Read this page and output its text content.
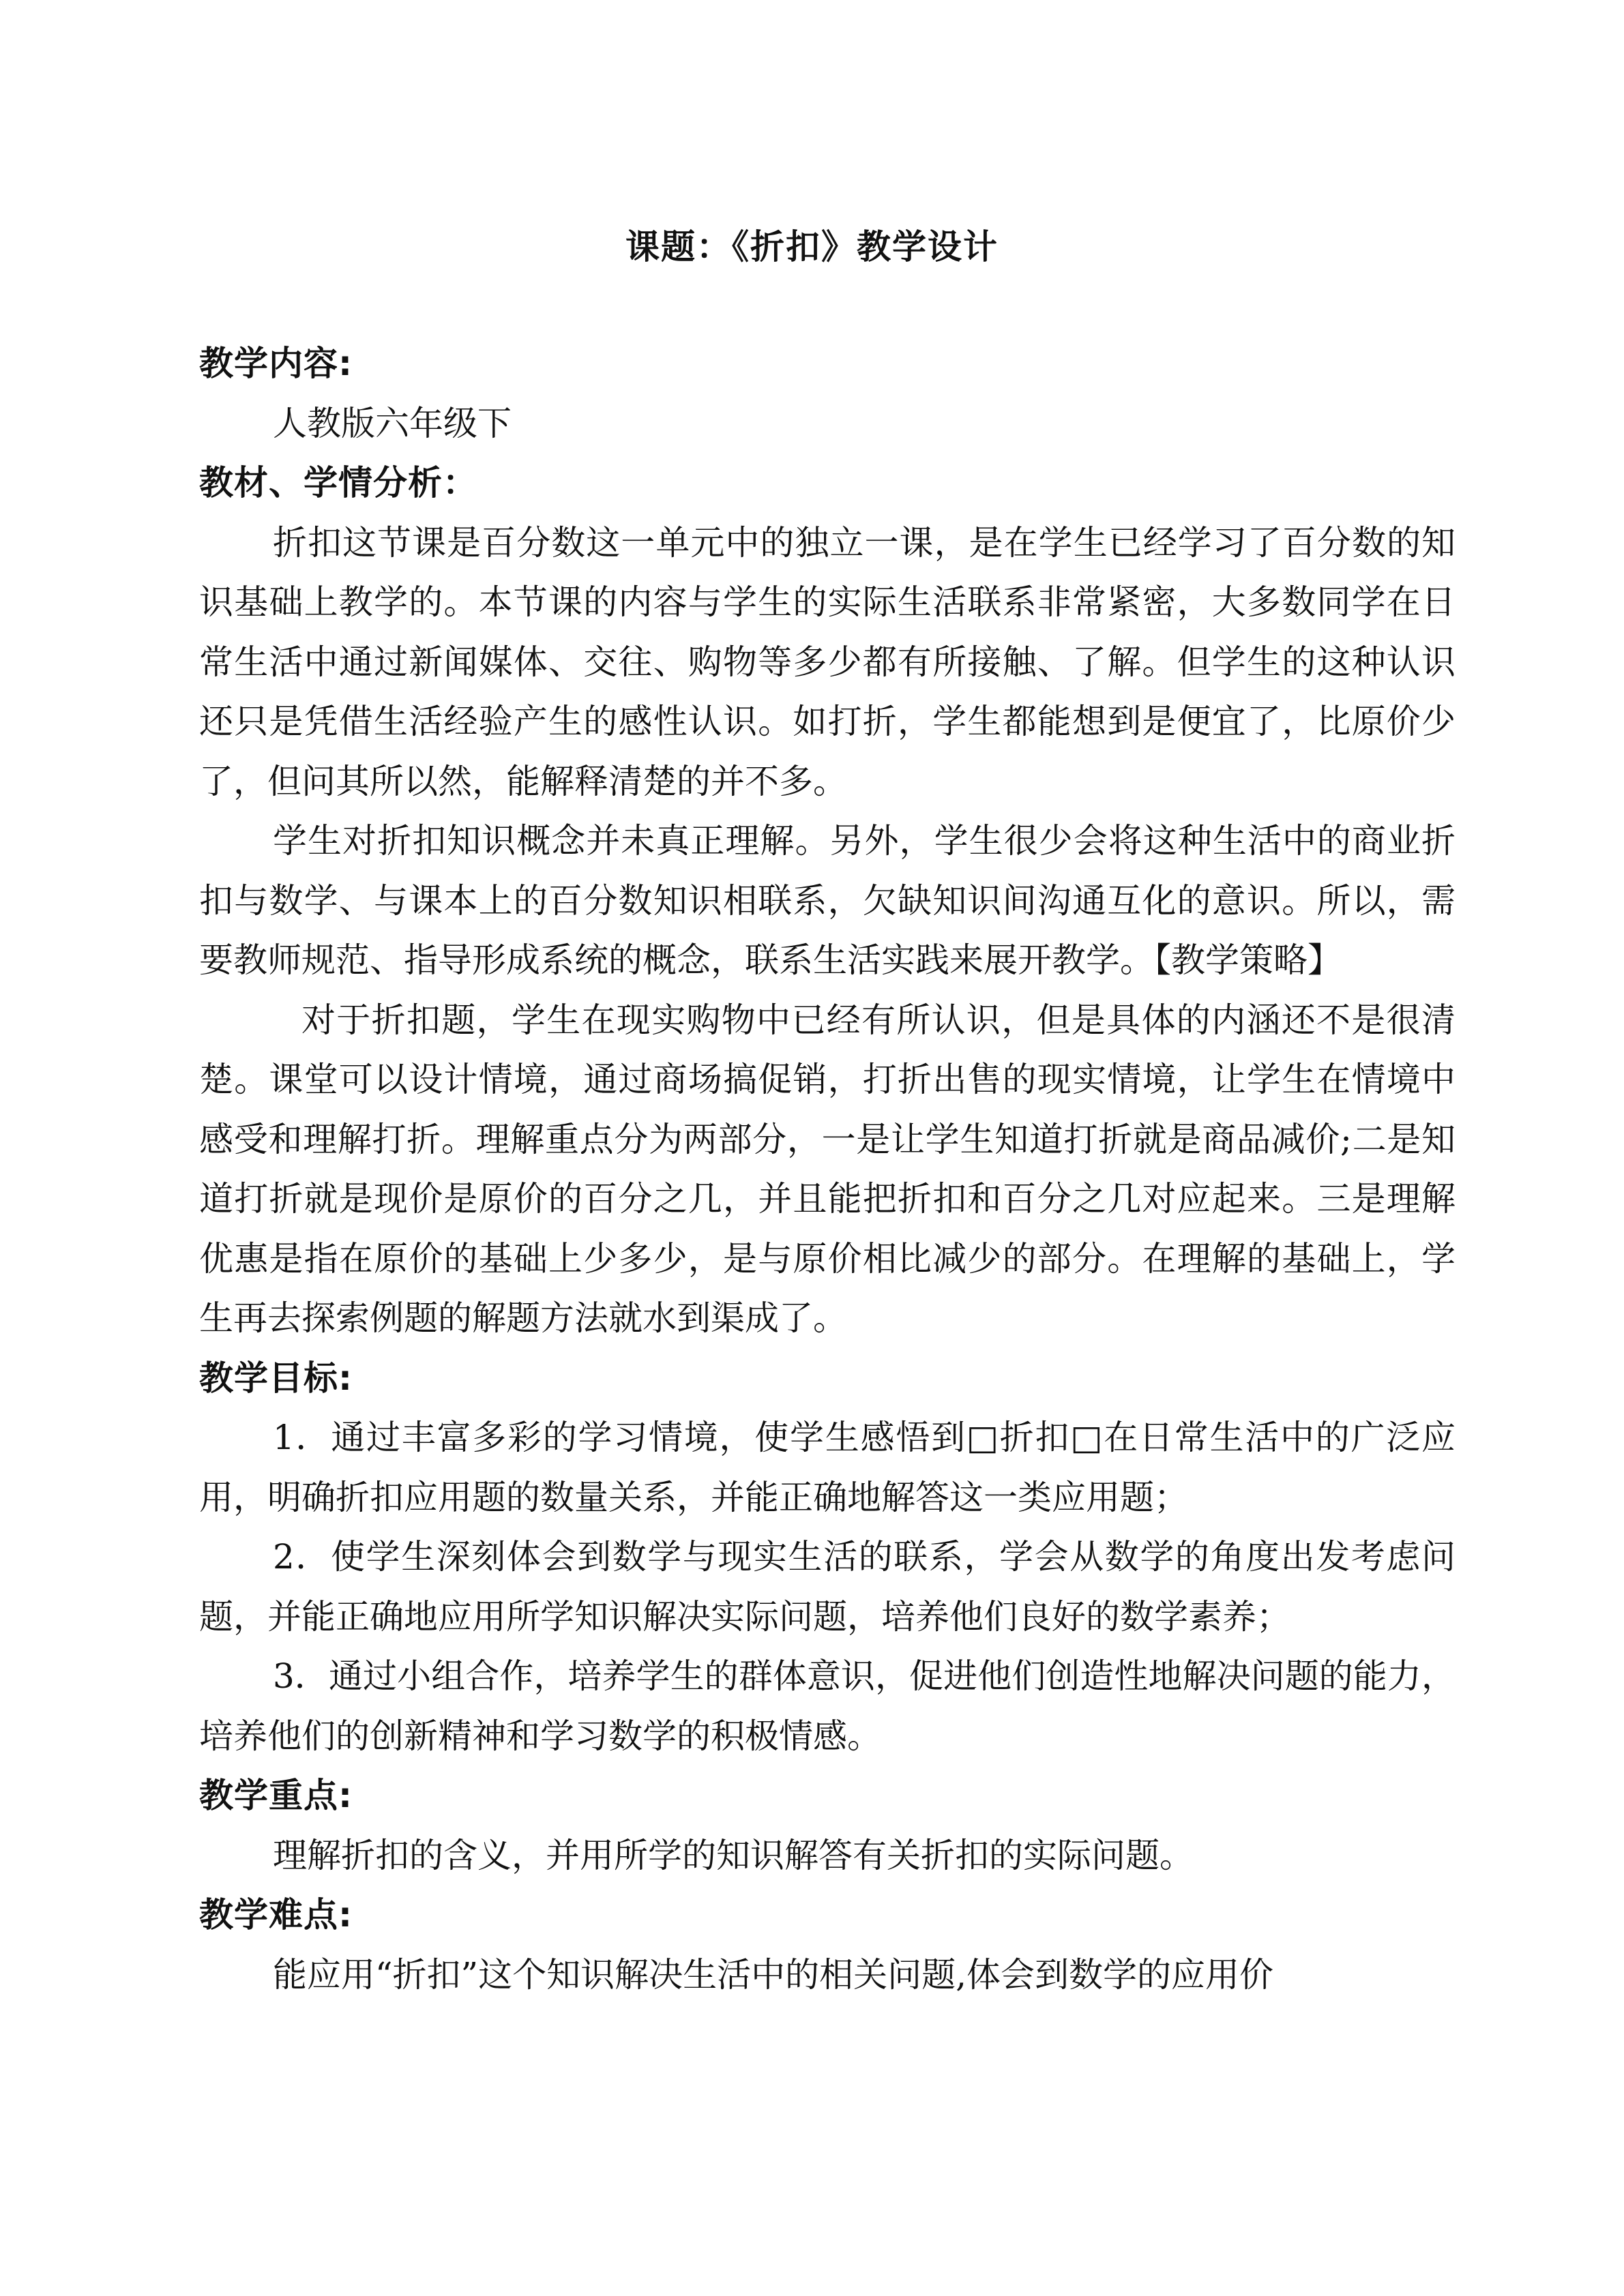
课题：《折扣》教学设计

教学内容:

人教版六年级下

教材、学情分析：

折扣这节课是百分数这一单元中的独立一课，是在学生已经学习了百分数的知识基础上教学的。本节课的内容与学生的实际生活联系非常紧密，大多数同学在日常生活中通过新闻媒体、交往、购物等多少都有所接触、了解。但学生的这种认识还只是凭借生活经验产生的感性认识。如打折，学生都能想到是便宜了，比原价少了，但问其所以然，能解释清楚的并不多。

学生对折扣知识概念并未真正理解。另外，学生很少会将这种生活中的商业折扣与数学、与课本上的百分数知识相联系，欠缺知识间沟通互化的意识。所以，需要教师规范、指导形成系统的概念，联系生活实践来展开教学。【教学策略】

对于折扣题，学生在现实购物中已经有所认识，但是具体的内涵还不是很清楚。课堂可以设计情境，通过商场搞促销，打折出售的现实情境，让学生在情境中感受和理解打折。理解重点分为两部分，一是让学生知道打折就是商品减价;二是知道打折就是现价是原价的百分之几，并且能把折扣和百分之几对应起来。三是理解优惠是指在原价的基础上少多少，是与原价相比减少的部分。在理解的基础上，学生再去探索例题的解题方法就水到渠成了。

教学目标:

1．通过丰富多彩的学习情境，使学生感悟到□折扣□在日常生活中的广泛应用，明确折扣应用题的数量关系，并能正确地解答这一类应用题；

2．使学生深刻体会到数学与现实生活的联系，学会从数学的角度出发考虑问题，并能正确地应用所学知识解决实际问题，培养他们良好的数学素养；

3．通过小组合作，培养学生的群体意识，促进他们创造性地解决问题的能力，培养他们的创新精神和学习数学的积极情感。

教学重点:

理解折扣的含义，并用所学的知识解答有关折扣的实际问题。

教学难点:

能应用“折扣”这个知识解决生活中的相关问题,体会到数学的应用价
